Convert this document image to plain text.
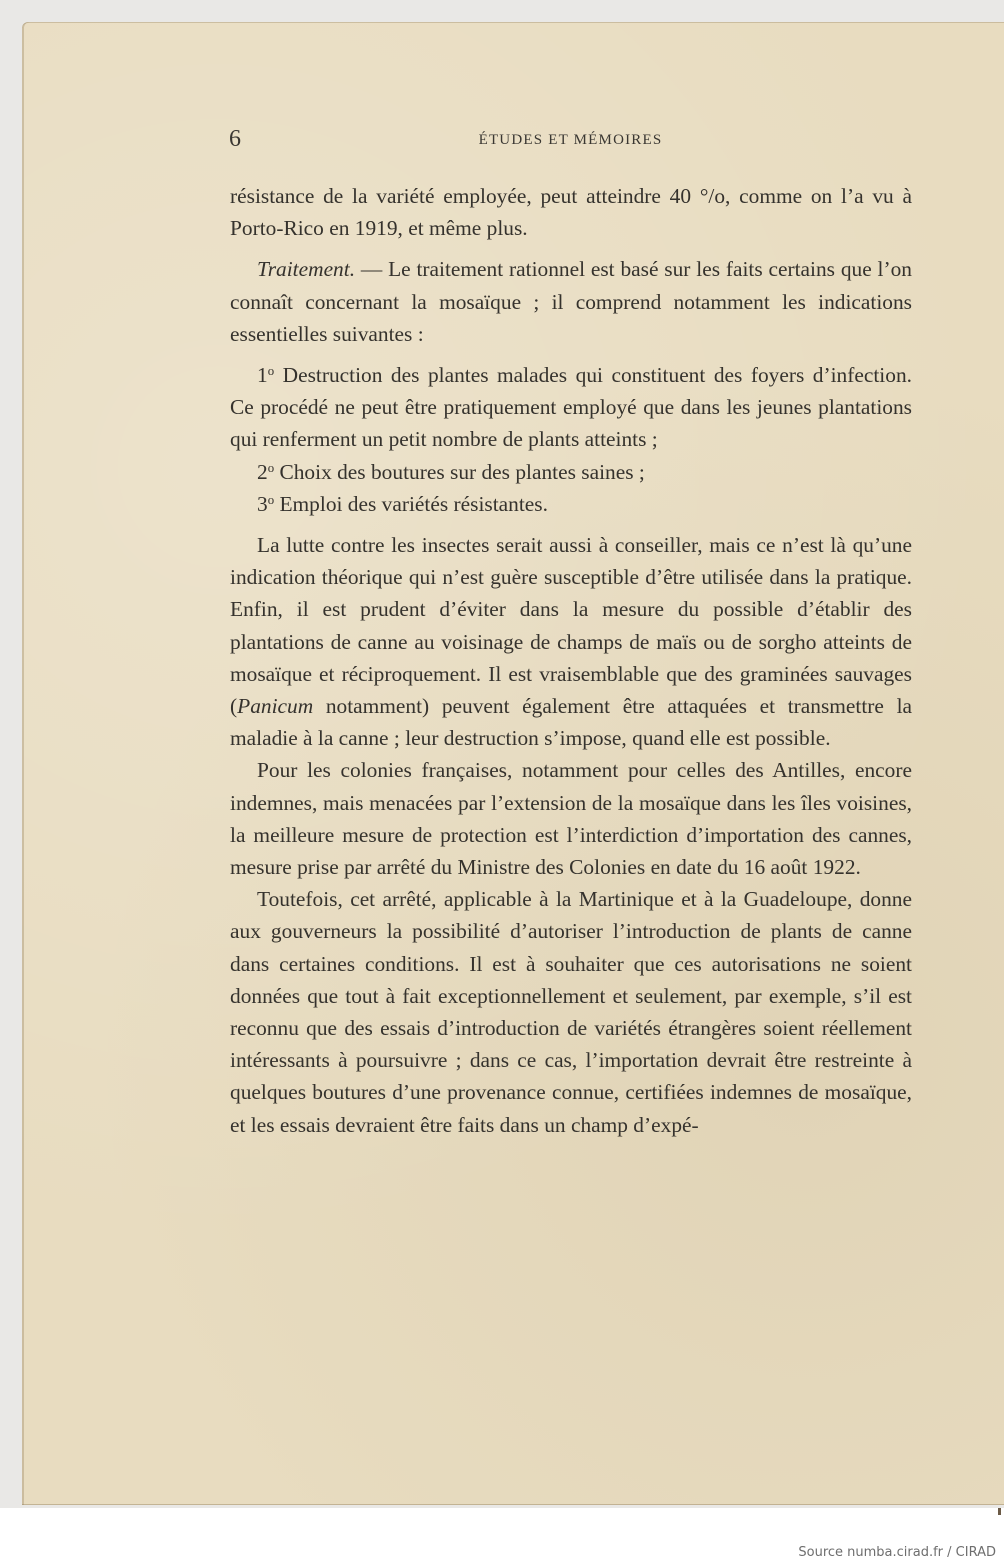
6	ÉTUDES ET MÉMOIRES

résistance de la variété employée, peut atteindre 40 °/o, comme on l’a vu à Porto-Rico en 1919, et même plus.

Traitement. — Le traitement rationnel est basé sur les faits certains que l’on connaît concernant la mosaïque ; il comprend notamment les indications essentielles suivantes :

1$^o$ Destruction des plantes malades qui constituent des foyers d’infection. Ce procédé ne peut être pratiquement employé que dans les jeunes plantations qui renferment un petit nombre de plants atteints ;

2$^o$ Choix des boutures sur des plantes saines ;

3$^o$ Emploi des variétés résistantes.

La lutte contre les insectes serait aussi à conseiller, mais ce n’est là qu’une indication théorique qui n’est guère susceptible d’être utilisée dans la pratique. Enfin, il est prudent d’éviter dans la mesure du possible d’établir des plantations de canne au voisinage de champs de maïs ou de sorgho atteints de mosaïque et réciproquement. Il est vraisemblable que des graminées sauvages (Panicum notamment) peuvent également être attaquées et transmettre la maladie à la canne ; leur destruction s’impose, quand elle est possible.

Pour les colonies françaises, notamment pour celles des Antilles, encore indemnes, mais menacées par l’extension de la mosaïque dans les îles voisines, la meilleure mesure de protection est l’interdiction d’importation des cannes, mesure prise par arrêté du Ministre des Colonies en date du 16 août 1922.

Toutefois, cet arrêté, applicable à la Martinique et à la Guadeloupe, donne aux gouverneurs la possibilité d’autoriser l’introduction de plants de canne dans certaines conditions. Il est à souhaiter que ces autorisations ne soient données que tout à fait exceptionnellement et seulement, par exemple, s’il est reconnu que des essais d’introduction de variétés étrangères soient réellement intéressants à poursuivre ; dans ce cas, l’importation devrait être restreinte à quelques boutures d’une provenance connue, certifiées indemnes de mosaïque, et les essais devraient être faits dans un champ d’expé-

Source numba.cirad.fr / CIRAD
